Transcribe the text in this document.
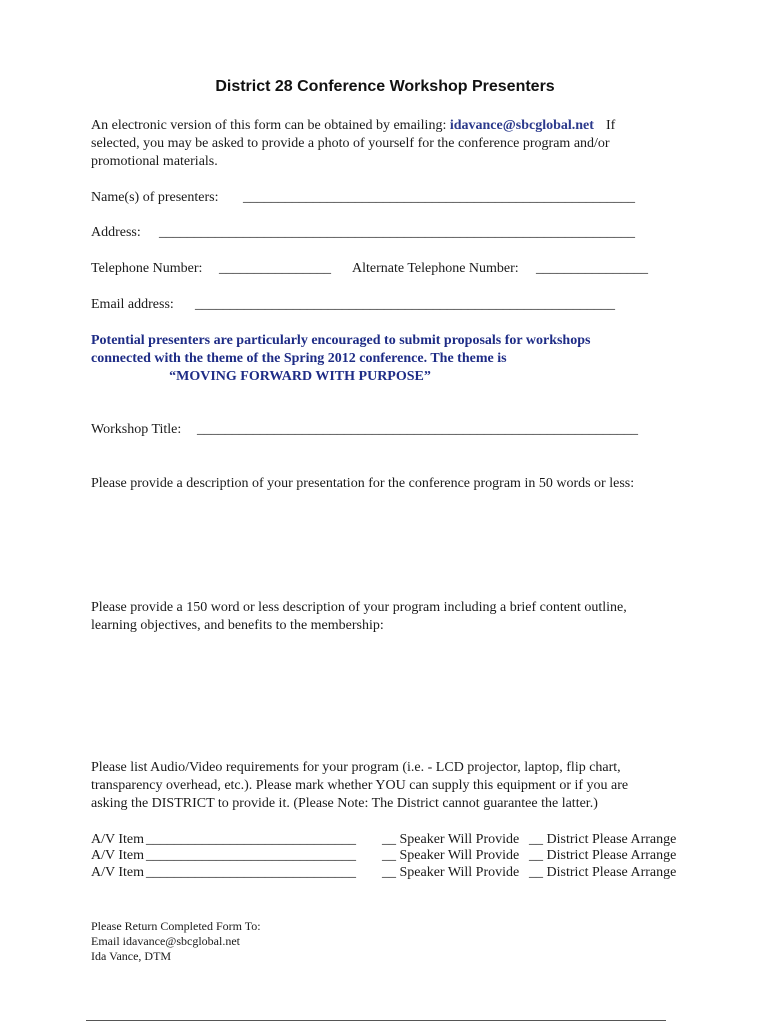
District 28 Conference Workshop Presenters
An electronic version of this form can be obtained by emailing: idavance@sbcglobal.net If
selected, you may be asked to provide a photo of yourself for the conference program and/or
promotional materials.
Name(s) of presenters: ________________________________________________________
Address: ____________________________________________________________________
Telephone Number: ________________ Alternate Telephone Number: ________________
Email address: ____________________________________________________________
Potential presenters are particularly encouraged to submit proposals for workshops
connected with the theme of the Spring 2012 conference. The theme is
“MOVING FORWARD WITH PURPOSE”
Workshop Title: _______________________________________________________________
Please provide a description of your presentation for the conference program in 50 words or less:
Please provide a 150 word or less description of your program including a brief content outline,
learning objectives, and benefits to the membership:
Please list Audio/Video requirements for your program (i.e. - LCD projector, laptop, flip chart,
transparency overhead, etc.). Please mark whether YOU can supply this equipment or if you are
asking the DISTRICT to provide it. (Please Note: The District cannot guarantee the latter.)
A/V Item ______________________________ __ Speaker Will Provide __ District Please Arrange
A/V Item ______________________________ __ Speaker Will Provide __ District Please Arrange
A/V Item ______________________________ __ Speaker Will Provide __ District Please Arrange
Please Return Completed Form To:
Email idavance@sbcglobal.net
Ida Vance, DTM
